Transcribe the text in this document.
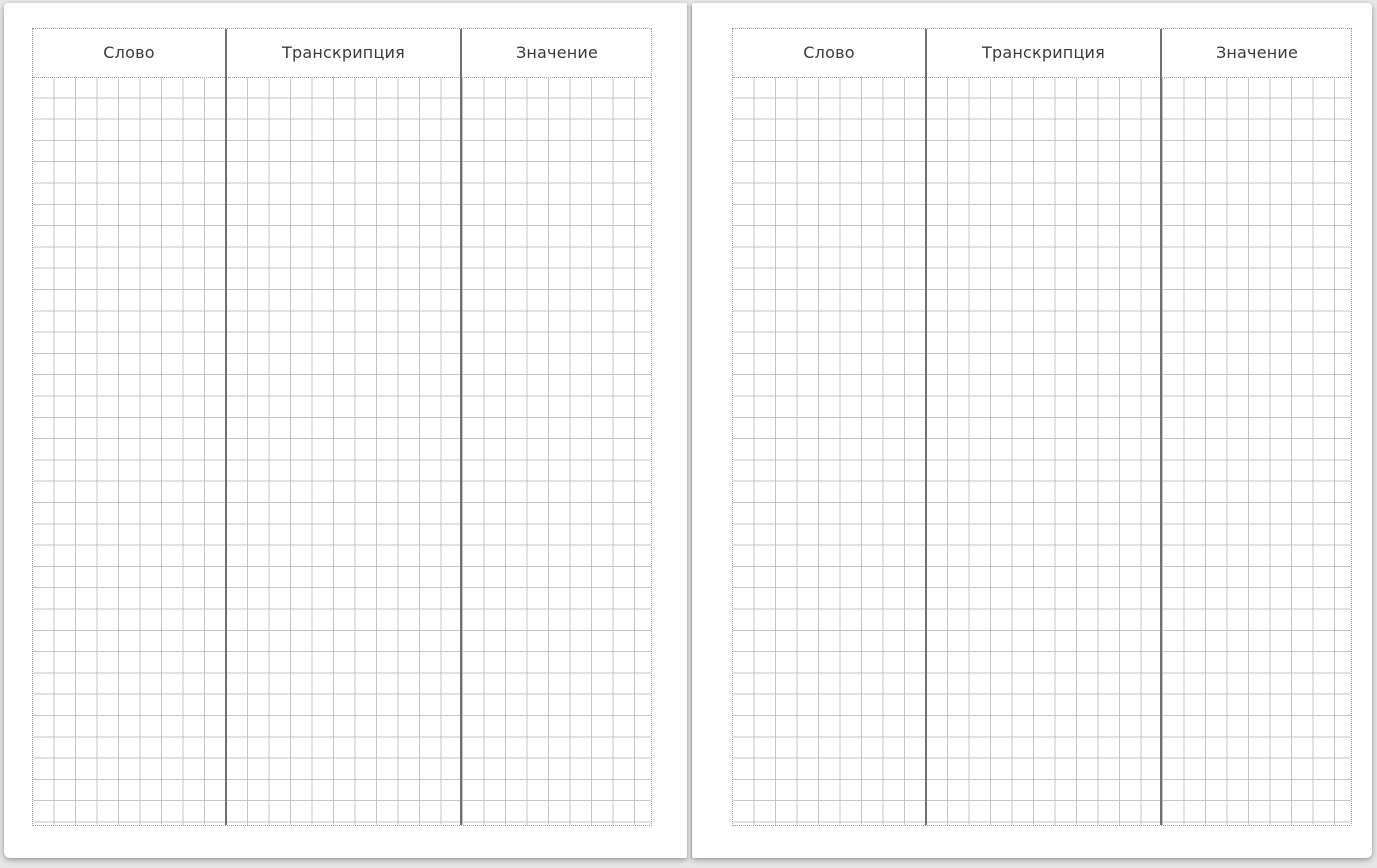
Слово	Транскрипция	Значение	Слово	Транскрипция	Значение
